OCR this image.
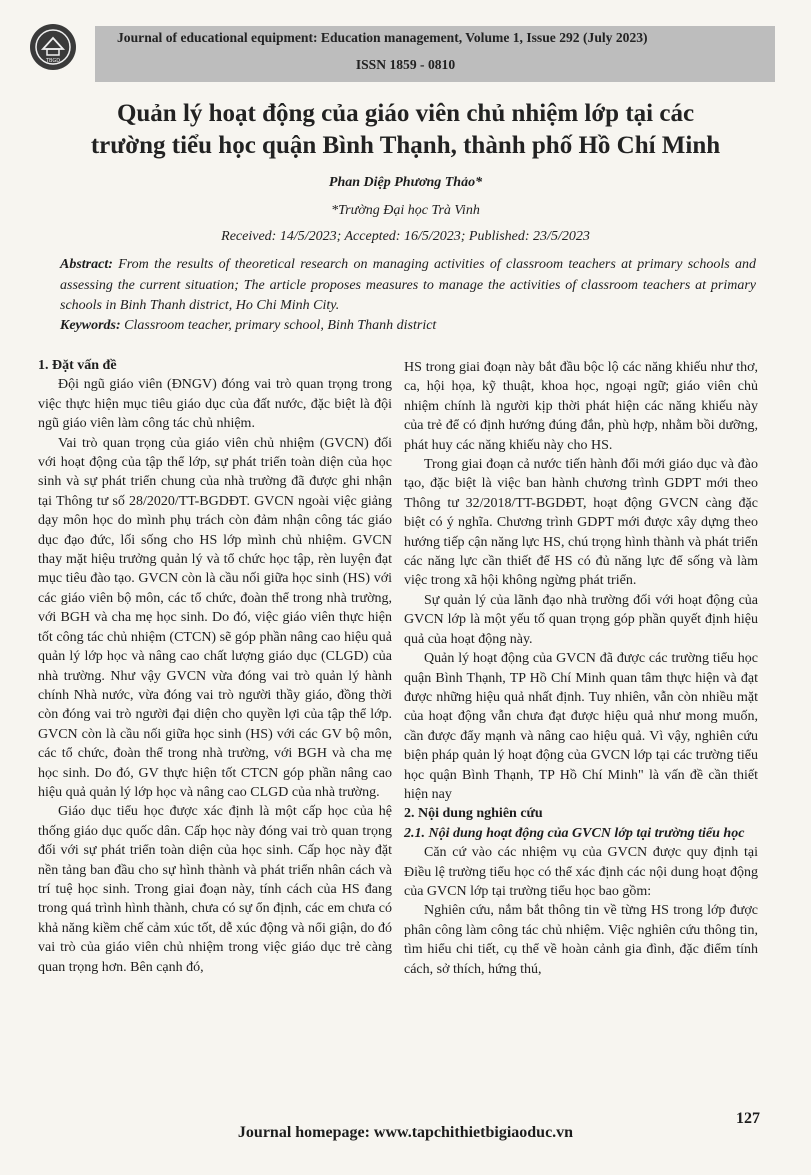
TBGD
Journal of educational equipment: Education management, Volume 1, Issue 292 (July 2023)
ISSN 1859 - 0810
Quản lý hoạt động của giáo viên chủ nhiệm lớp tại các
trường tiểu học quận Bình Thạnh, thành phố Hồ Chí Minh
Phan Diệp Phương Thảo*
*Trường Đại học Trà Vinh
Received: 14/5/2023; Accepted: 16/5/2023; Published: 23/5/2023
Abstract: From the results of theoretical research on managing activities of classroom teachers at primary schools and assessing the current situation; The article proposes measures to manage the activities of classroom teachers at primary schools in Binh Thanh district, Ho Chi Minh City.
Keywords: Classroom teacher, primary school, Binh Thanh district
1. Đặt vấn đề

Đội ngũ giáo viên (ĐNGV) đóng vai trò quan trọng trong việc thực hiện mục tiêu giáo dục của đất nước, đặc biệt là đội ngũ giáo viên làm công tác chủ nhiệm.

Vai trò quan trọng của giáo viên chủ nhiệm (GVCN) đối với hoạt động của tập thể lớp, sự phát triển toàn diện của học sinh và sự phát triển chung của nhà trường đã được ghi nhận tại Thông tư số 28/2020/TT-BGDĐT. GVCN ngoài việc giảng dạy môn học do mình phụ trách còn đảm nhận công tác giáo dục đạo đức, lối sống cho HS lớp mình chủ nhiệm. GVCN thay mặt hiệu trưởng quản lý và tổ chức học tập, rèn luyện đạt mục tiêu đào tạo. GVCN còn là cầu nối giữa học sinh (HS) với các giáo viên bộ môn, các tổ chức, đoàn thể trong nhà trường, với BGH và cha mẹ học sinh. Do đó, việc giáo viên thực hiện tốt công tác chủ nhiệm (CTCN) sẽ góp phần nâng cao hiệu quả quản lý lớp học và nâng cao chất lượng giáo dục (CLGD) của nhà trường. Như vậy GVCN vừa đóng vai trò quản lý hành chính Nhà nước, vừa đóng vai trò người thầy giáo, đồng thời còn đóng vai trò người đại diện cho quyền lợi của tập thể lớp. GVCN còn là cầu nối giữa học sinh (HS) với các GV bộ môn, các tổ chức, đoàn thể trong nhà trường, với BGH và cha mẹ học sinh. Do đó, GV thực hiện tốt CTCN góp phần nâng cao hiệu quả quản lý lớp học và nâng cao CLGD của nhà trường.

Giáo dục tiểu học được xác định là một cấp học của hệ thống giáo dục quốc dân. Cấp học này đóng vai trò quan trọng đối với sự phát triển toàn diện của học sinh. Cấp học này đặt nền tảng ban đầu cho sự hình thành và phát triển nhân cách và trí tuệ học sinh. Trong giai đoạn này, tính cách của HS đang trong quá trình hình thành, chưa có sự ổn định, các em chưa có khả năng kiềm chế cảm xúc tốt, dễ xúc động và nổi giận, do đó vai trò của giáo viên chủ nhiệm trong việc giáo dục trẻ càng quan trọng hơn. Bên cạnh đó,

HS trong giai đoạn này bắt đầu bộc lộ các năng khiếu như thơ, ca, hội họa, kỹ thuật, khoa học, ngoại ngữ; giáo viên chủ nhiệm chính là người kịp thời phát hiện các năng khiếu này của trẻ để có định hướng đúng đắn, phù hợp, nhằm bồi dưỡng, phát huy các năng khiếu này cho HS.

Trong giai đoạn cả nước tiến hành đổi mới giáo dục và đào tạo, đặc biệt là việc ban hành chương trình GDPT mới theo Thông tư 32/2018/TT-BGDĐT, hoạt động GVCN càng đặc biệt có ý nghĩa. Chương trình GDPT mới được xây dựng theo hướng tiếp cận năng lực HS, chú trọng hình thành và phát triển các năng lực cần thiết để HS có đủ năng lực để sống và làm việc trong xã hội không ngừng phát triển.

Sự quản lý của lãnh đạo nhà trường đối với hoạt động của GVCN lớp là một yếu tố quan trọng góp phần quyết định hiệu quả của hoạt động này.

Quản lý hoạt động của GVCN đã được các trường tiểu học quận Bình Thạnh, TP Hồ Chí Minh quan tâm thực hiện và đạt được những hiệu quả nhất định. Tuy nhiên, vẫn còn nhiều mặt của hoạt động vẫn chưa đạt được hiệu quả như mong muốn, cần được đẩy mạnh và nâng cao hiệu quả. Vì vậy, nghiên cứu biện pháp quản lý hoạt động của GVCN lớp tại các trường tiểu học quận Bình Thạnh, TP Hồ Chí Minh" là vấn đề cần thiết hiện nay

2. Nội dung nghiên cứu
2.1. Nội dung hoạt động của GVCN lớp tại trường tiểu học

Căn cứ vào các nhiệm vụ của GVCN được quy định tại Điều lệ trường tiểu học có thể xác định các nội dung hoạt động của GVCN lớp tại trường tiểu học bao gồm:

Nghiên cứu, nắm bắt thông tin về từng HS trong lớp được phân công làm công tác chủ nhiệm. Việc nghiên cứu thông tin, tìm hiểu chi tiết, cụ thể về hoàn cảnh gia đình, đặc điểm tính cách, sở thích, hứng thú,

127
Journal homepage: www.tapchithietbigiaoduc.vn
